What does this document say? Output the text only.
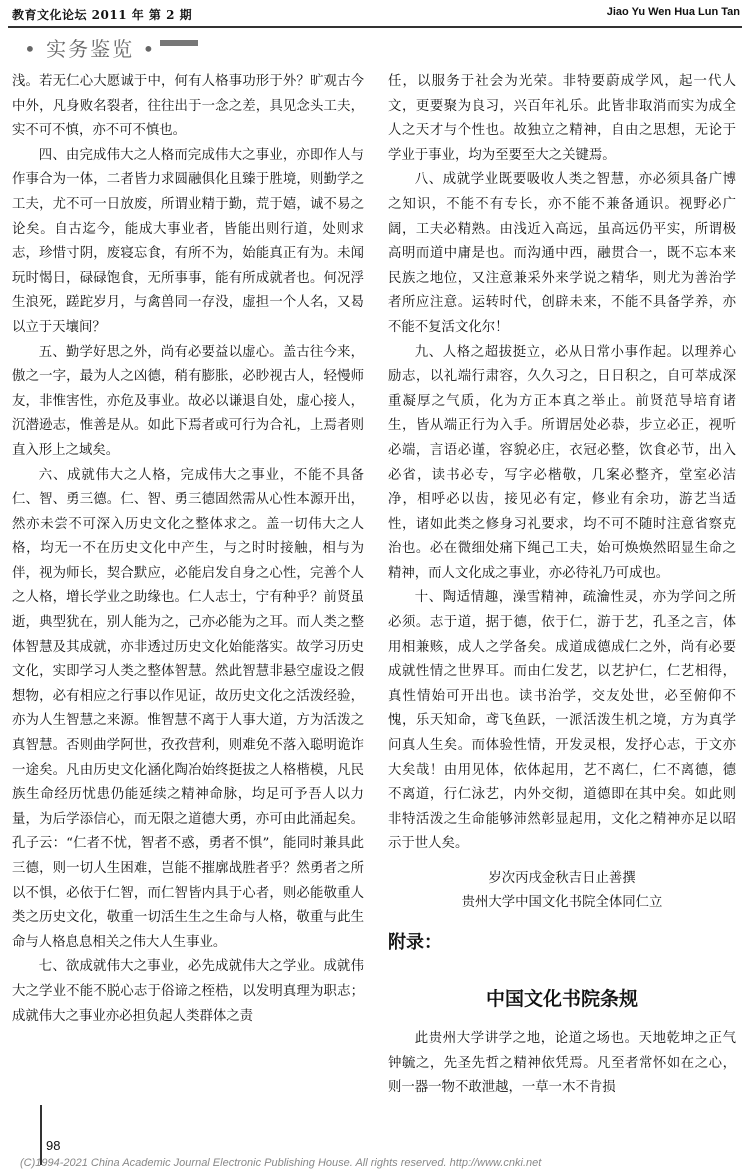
教育文化论坛 2011 年 第 2 期	Jiao Yu Wen Hua Lun Tan
• 实务鉴览 •

浅。若无仁心大愿诚于中，何有人格事功形于外？旷观古今中外，凡身败名裂者，往往出于一念之差，具见念头工夫，实不可不慎，亦不可不慎也。

四、由完成伟大之人格而完成伟大之事业，亦即作人与作事合为一体，二者皆力求圆融俱化且臻于胜境，则勤学之工夫，尤不可一日放废，所谓业精于勤，荒于嬉，诚不易之论矣。自古迄今，能成大事业者，皆能出则行道，处则求志，珍惜寸阴，废寝忘食，有所不为，始能真正有为。未闻玩时愒日，碌碌饱食，无所事事，能有所成就者也。何况浮生浪死，蹉跎岁月，与禽兽同一存没，虚担一个人名，又曷以立于天壤间？

五、勤学好思之外，尚有必要益以虚心。盖古往今来，傲之一字，最为人之凶德，稍有膨胀，必眇视古人，轻慢师友，非惟害性，亦危及事业。故必以谦退自处，虚心接人，沉潜逊志，惟善是从。如此下焉者或可行为合礼，上焉者则直入形上之域矣。

六、成就伟大之人格，完成伟大之事业，不能不具备仁、智、勇三德。仁、智、勇三德固然需从心性本源开出，然亦未尝不可深入历史文化之整体求之。盖一切伟大之人格，均无一不在历史文化中产生，与之时时接触，相与为伴，视为师长，契合默应，必能启发自身之心性，完善个人之人格，增长学业之助缘也。仁人志士，宁有种乎？前贤虽逝，典型犹在，别人能为之，己亦必能为之耳。而人类之整体智慧及其成就，亦非透过历史文化始能落实。故学习历史文化，实即学习人类之整体智慧。然此智慧非悬空虚设之假想物，必有相应之行事以作见证，故历史文化之活泼经验，亦为人生智慧之来源。惟智慧不离于人事大道，方为活泼之真智慧。否则曲学阿世，孜孜营利，则难免不落入聪明诡诈一途矣。凡由历史文化涵化陶冶始终挺拔之人格楷模，凡民族生命经历忧患仍能延续之精神命脉，均足可予吾人以力量，为后学添信心，而无限之道德大勇，亦可由此涌起矣。孔子云：“仁者不忧，智者不惑，勇者不惧”，能同时兼具此三德，则一切人生困难，岂能不摧廓战胜者乎？然勇者之所以不惧，必依于仁智，而仁智皆内具于心者，则必能敬重人类之历史文化，敬重一切活生生之生命与人格，敬重与此生命与人格息息相关之伟大人生事业。

七、欲成就伟大之事业，必先成就伟大之学业。成就伟大之学业不能不脱心志于俗谛之桎梏，以发明真理为职志；成就伟大之事业亦必担负起人类群体之责

任，以服务于社会为光荣。非特要蔚成学风，起一代人文，更要聚为良习，兴百年礼乐。此皆非取消而实为成全人之天才与个性也。故独立之精神，自由之思想，无论于学业于事业，均为至要至大之关键焉。

八、成就学业既要吸收人类之智慧，亦必须具备广博之知识，不能不有专长，亦不能不兼备通识。视野必广阔，工夫必精熟。由浅近入高远，虽高远仍平实，所谓极高明而道中庸是也。而沟通中西，融贯合一，既不忘本来民族之地位，又注意兼采外来学说之精华，则尤为善治学者所应注意。运转时代，创辟未来，不能不具备学养，亦不能不复活文化尔！

九、人格之超拔挺立，必从日常小事作起。以理养心励志，以礼端行肃容，久久习之，日日积之，自可萃成深重凝厚之气质，化为方正本真之举止。前贤范导培育诸生，皆从端正行为入手。所谓居处必恭，步立必正，视听必端，言语必谨，容貌必庄，衣冠必整，饮食必节，出入必省，读书必专，写字必楷敬，几案必整齐，堂室必洁净，相呼必以齿，接见必有定，修业有余功，游艺当适性，诸如此类之修身习礼要求，均不可不随时注意省察克治也。必在微细处痛下绳己工夫，始可焕焕然昭显生命之精神，而人文化成之事业，亦必待礼乃可成也。

十、陶适情趣，澡雪精神，疏瀹性灵，亦为学问之所必须。志于道，据于德，依于仁，游于艺，孔圣之言，体用相兼赅，成人之学备矣。成道成德成仁之外，尚有必要成就性情之世界耳。而由仁发艺，以艺护仁，仁艺相得，真性情始可开出也。读书治学，交友处世，必至俯仰不愧，乐天知命，鸢飞鱼跃，一派活泼生机之境，方为真学问真人生矣。而体验性情，开发灵根，发抒心志，于文亦大矣哉！由用见体，依体起用，艺不离仁，仁不离德，德不离道，行仁泳艺，内外交彻，道德即在其中矣。如此则非特活泼之生命能够沛然彰显起用，文化之精神亦足以昭示于世人矣。

岁次丙戌金秋吉日止善撰
贵州大学中国文化书院全体同仁立

附录：

中国文化书院条规

此贵州大学讲学之地，论道之场也。天地乾坤之正气钟毓之，先圣先哲之精神依凭焉。凡至者常怀如在之心，则一器一物不敢泄越，一草一木不肯损

98
(C)1994-2021 China Academic Journal Electronic Publishing House. All rights reserved. http://www.cnki.net
